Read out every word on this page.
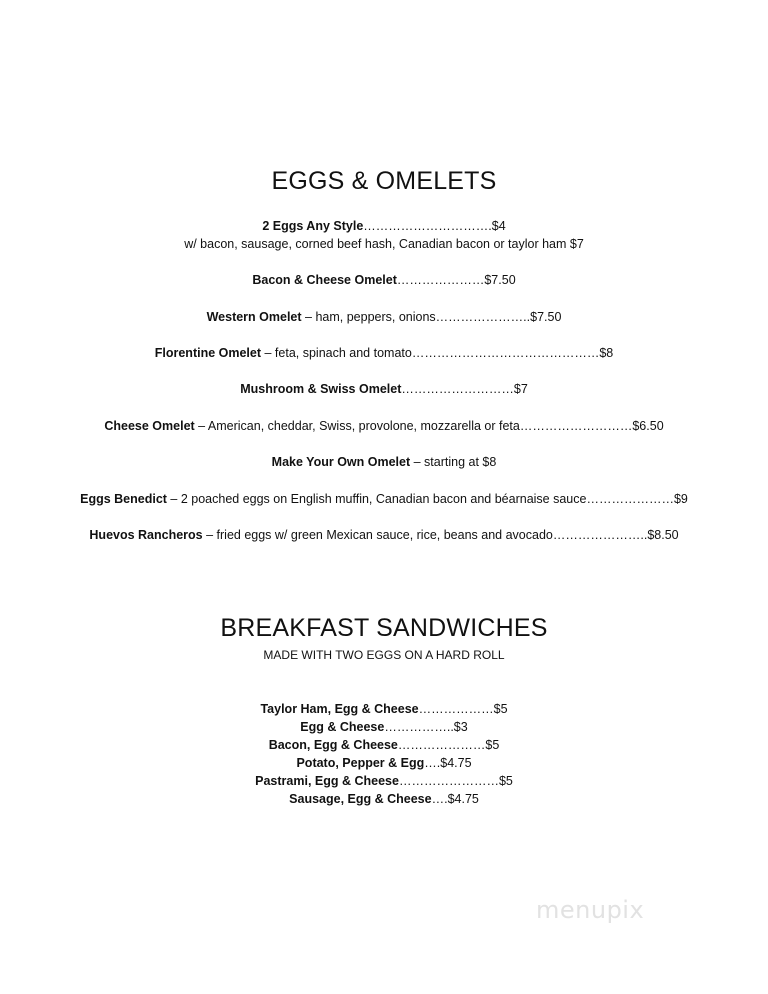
EGGS & OMELETS
2 Eggs Any Style………………………….$4
w/ bacon, sausage, corned beef hash, Canadian bacon or taylor ham $7
Bacon & Cheese Omelet…………………$7.50
Western Omelet – ham, peppers, onions…………………..$7.50
Florentine Omelet – feta, spinach and tomato………………………………………$8
Mushroom & Swiss Omelet………………………$7
Cheese Omelet – American, cheddar, Swiss, provolone, mozzarella or feta………………………$6.50
Make Your Own Omelet – starting at $8
Eggs Benedict – 2 poached eggs on English muffin, Canadian bacon and béarnaise sauce…………………$9
Huevos Rancheros – fried eggs w/ green Mexican sauce, rice, beans and avocado…………………..$8.50
BREAKFAST SANDWICHES
MADE WITH TWO EGGS ON A HARD ROLL
Taylor Ham, Egg & Cheese………………$5
Egg & Cheese……………..$3
Bacon, Egg & Cheese…………………$5
Potato, Pepper & Egg….$4.75
Pastrami, Egg & Cheese……………………$5
Sausage, Egg & Cheese….$4.75
menupix
